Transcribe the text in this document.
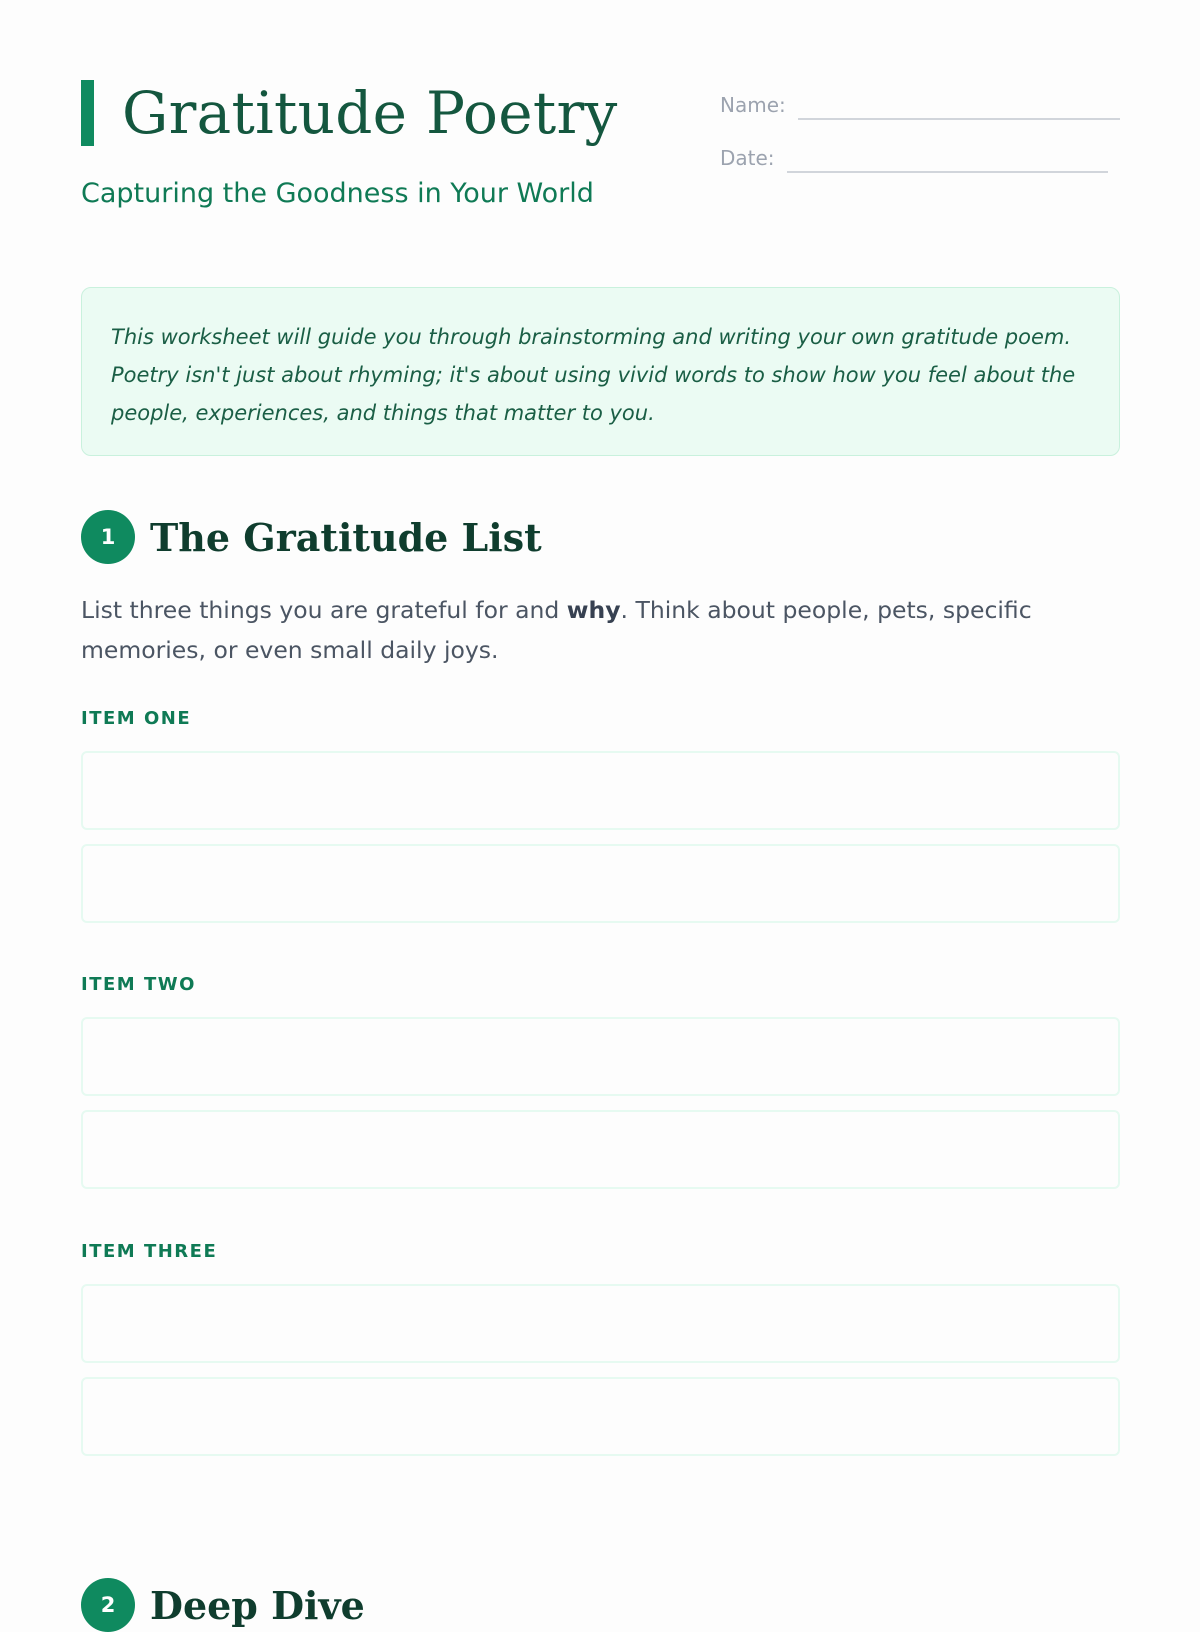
Gratitude Poetry
Capturing the Goodness in Your World
Name:
Date:

This worksheet will guide you through brainstorming and writing your own gratitude poem. Poetry isn't just about rhyming; it's about using vivid words to show how you feel about the people, experiences, and things that matter to you.

1 The Gratitude List

List three things you are grateful for and why. Think about people, pets, specific memories, or even small daily joys.

ITEM ONE
ITEM TWO
ITEM THREE
2 Deep Dive
